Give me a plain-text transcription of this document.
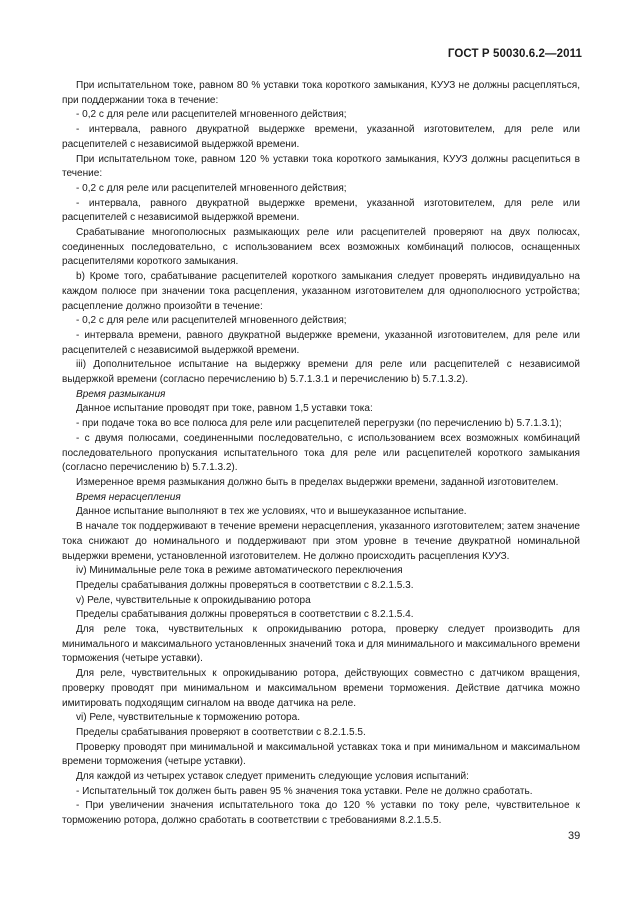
ГОСТ Р 50030.6.2—2011

При испытательном токе, равном 80 % уставки тока короткого замыкания, КУУЗ не должны расцепляться, при поддержании тока в течение:

- 0,2 с для реле или расцепителей мгновенного действия;

- интервала, равного двукратной выдержке времени, указанной изготовителем, для реле или расцепителей с независимой выдержкой времени.

При испытательном токе, равном 120 % уставки тока короткого замыкания, КУУЗ должны расцепиться в течение:

- 0,2 с для реле или расцепителей мгновенного действия;

- интервала, равного двукратной выдержке времени, указанной изготовителем, для реле или расцепителей с независимой выдержкой времени.

Срабатывание многополюсных размыкающих реле или расцепителей проверяют на двух полюсах, соединенных последовательно, с использованием всех возможных комбинаций полюсов, оснащенных расцепителями короткого замыкания.

b) Кроме того, срабатывание расцепителей короткого замыкания следует проверять индивидуально на каждом полюсе при значении тока расцепления, указанном изготовителем для однополюсного устройства; расцепление должно произойти в течение:

- 0,2 с для реле или расцепителей мгновенного действия;

- интервала времени, равного двукратной выдержке времени, указанной изготовителем, для реле или расцепителей с независимой выдержкой времени.

iii) Дополнительное испытание на выдержку времени для реле или расцепителей с независимой выдержкой времени (согласно перечислению b) 5.7.1.3.1 и перечислению b) 5.7.1.3.2).

Время размыкания

Данное испытание проводят при токе, равном 1,5 уставки тока:

- при подаче тока во все полюса для реле или расцепителей перегрузки (по перечислению b) 5.7.1.3.1);

- с двумя полюсами, соединенными последовательно, с использованием всех возможных комбинаций последовательного пропускания испытательного тока для реле или расцепителей короткого замыкания (согласно перечислению b) 5.7.1.3.2).

Измеренное время размыкания должно быть в пределах выдержки времени, заданной изготовителем.

Время нерасцепления

Данное испытание выполняют в тех же условиях, что и вышеуказанное испытание.

В начале ток поддерживают в течение времени нерасцепления, указанного изготовителем; затем значение тока снижают до номинального и поддерживают при этом уровне в течение двукратной номинальной выдержки времени, установленной изготовителем. Не должно происходить расцепления КУУЗ.

iv) Минимальные реле тока в режиме автоматического переключения

Пределы срабатывания должны проверяться в соответствии с 8.2.1.5.3.

v) Реле, чувствительные к опрокидыванию ротора

Пределы срабатывания должны проверяться в соответствии с 8.2.1.5.4.

Для реле тока, чувствительных к опрокидыванию ротора, проверку следует производить для минимального и максимального установленных значений тока и для минимального и максимального времени торможения (четыре уставки).

Для реле, чувствительных к опрокидыванию ротора, действующих совместно с датчиком вращения, проверку проводят при минимальном и максимальном времени торможения. Действие датчика можно имитировать подходящим сигналом на вводе датчика на реле.

vi) Реле, чувствительные к торможению ротора.

Пределы срабатывания проверяют в соответствии с 8.2.1.5.5.

Проверку проводят при минимальной и максимальной уставках тока и при минимальном и максимальном времени торможения (четыре уставки).

Для каждой из четырех уставок следует применить следующие условия испытаний:

- Испытательный ток должен быть равен 95 % значения тока уставки. Реле не должно сработать.

- При увеличении значения испытательного тока до 120 % уставки по току реле, чувствительное к торможению ротора, должно сработать в соответствии с требованиями 8.2.1.5.5.

39
